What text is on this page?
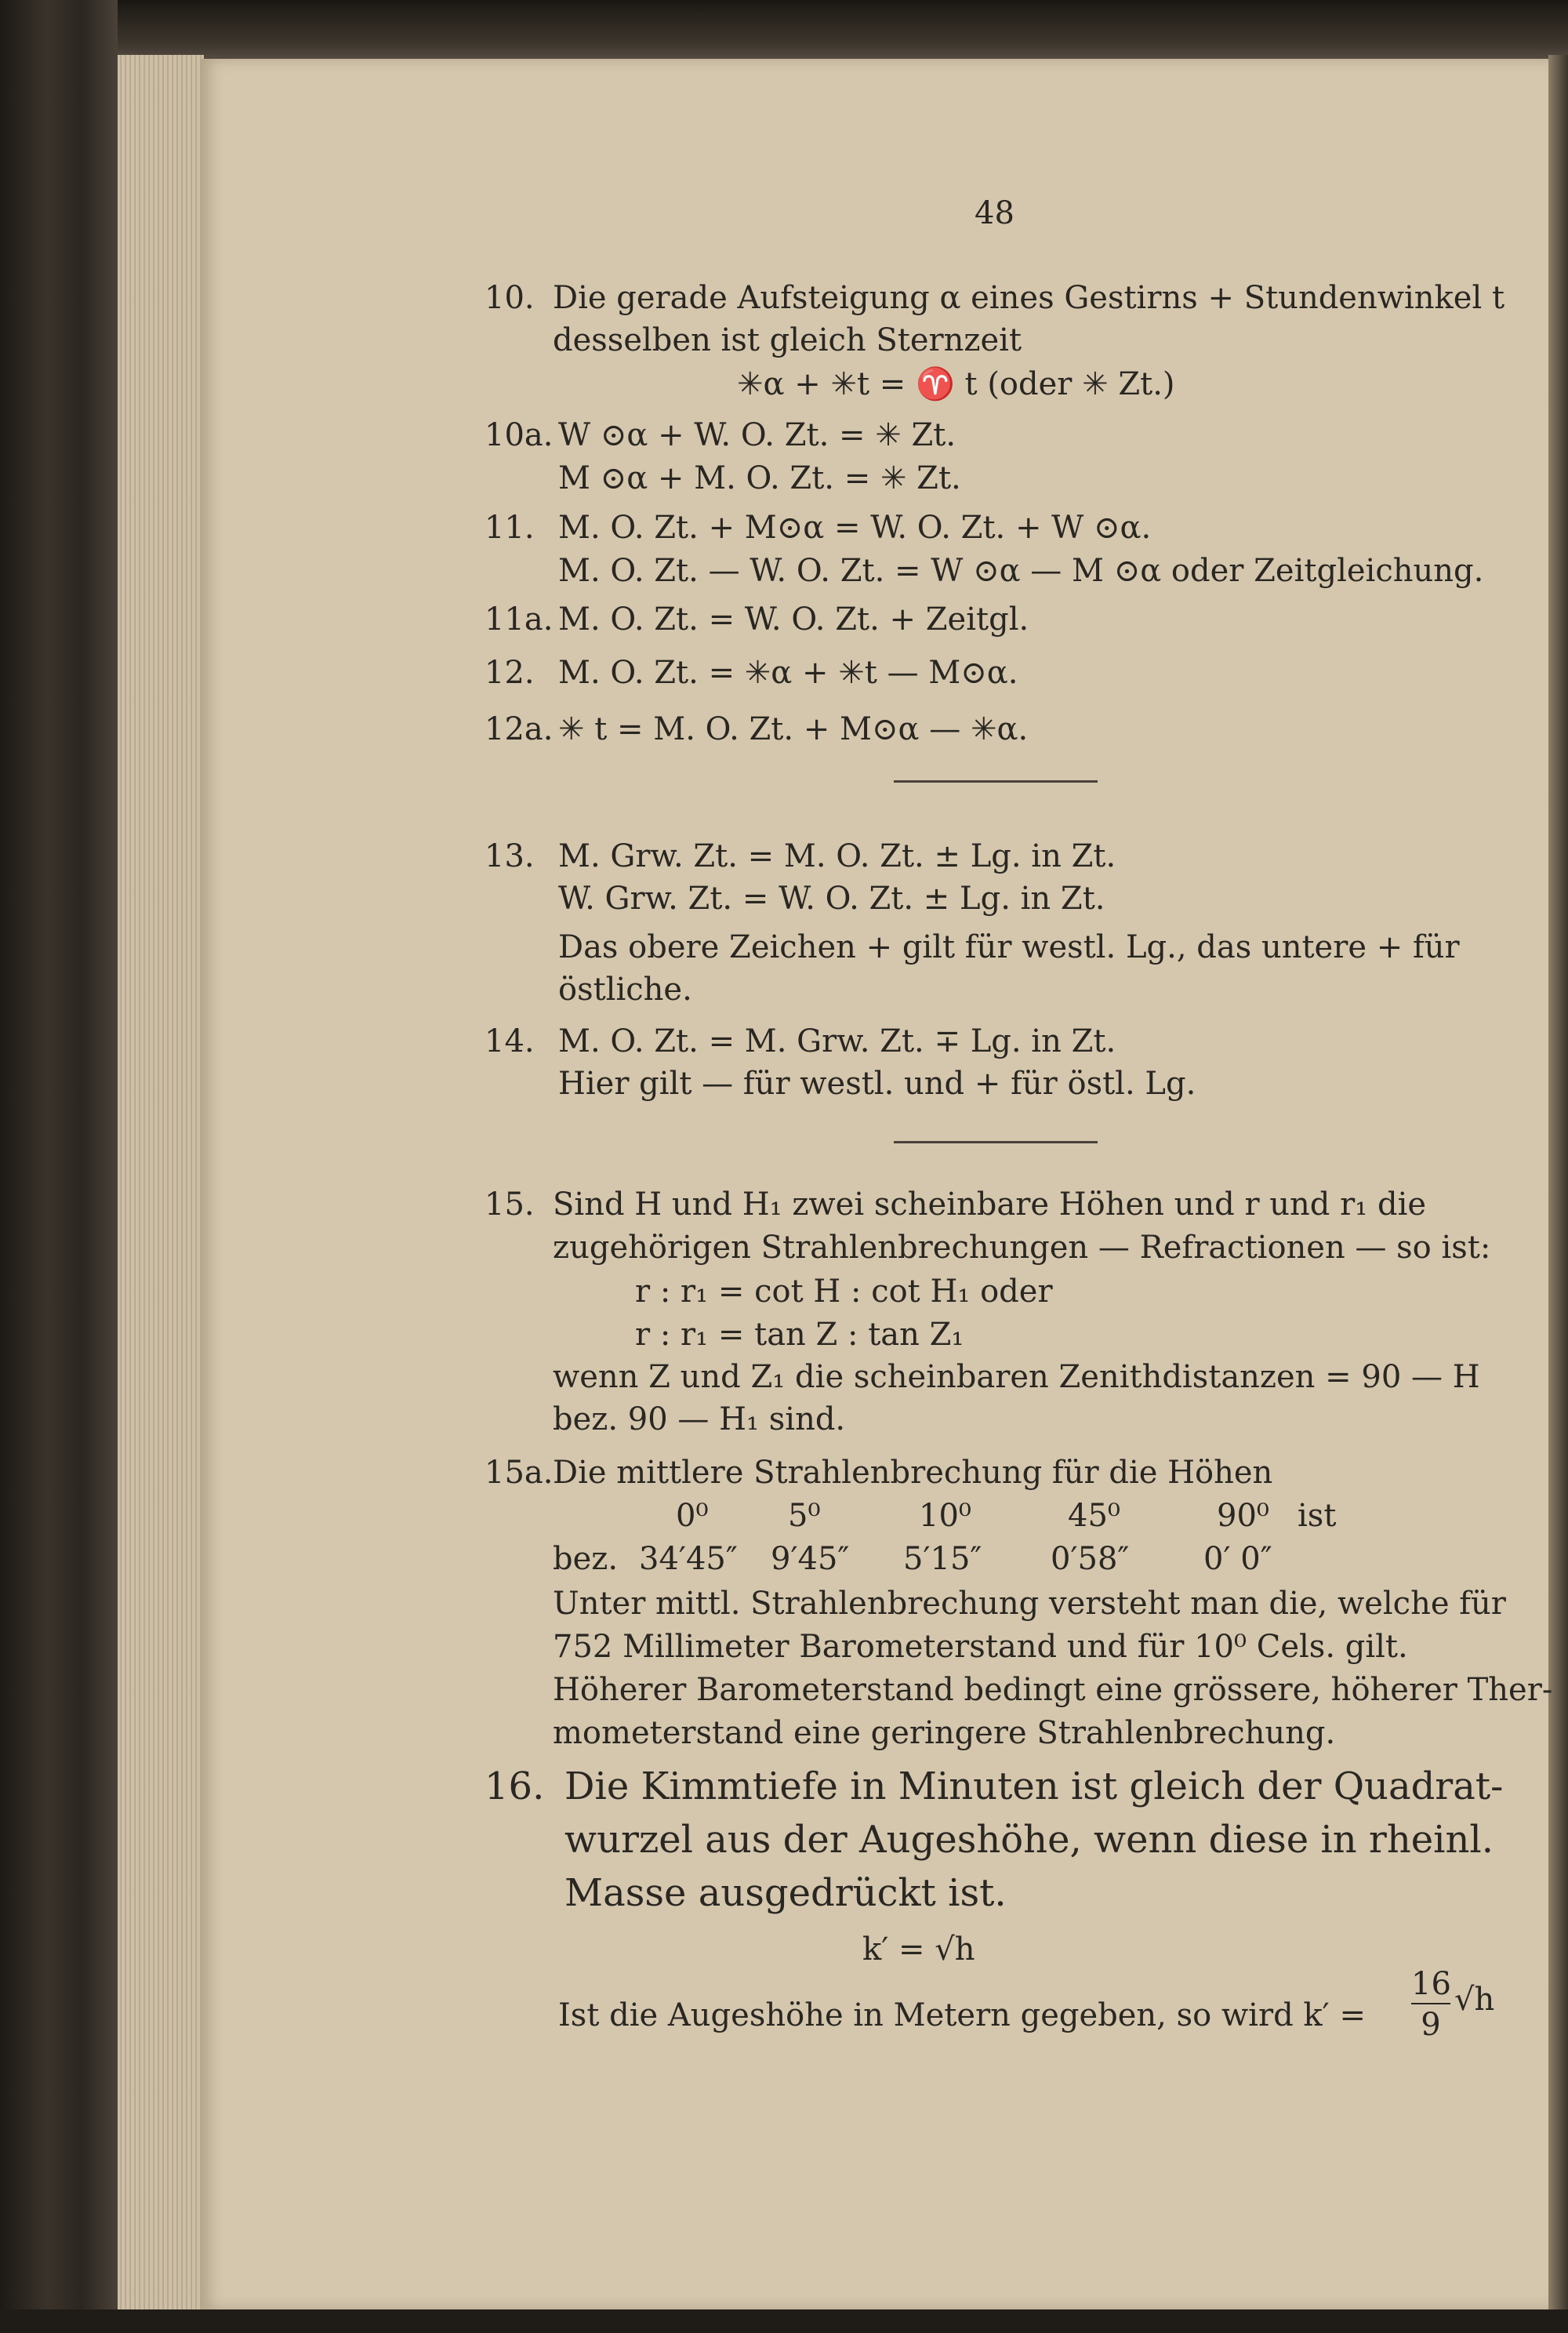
48
10. Die gerade Aufsteigung α eines Gestirns + Stundenwinkel t
desselben ist gleich Sternzeit
✳α + ✳t = ♈ t (oder ✳ Zt.)
10a. W ⊙α + W. O. Zt. = ✳ Zt.
M ⊙α + M. O. Zt. = ✳ Zt.
11. M. O. Zt. + M⊙α = W. O. Zt. + W ⊙α.
M. O. Zt. — W. O. Zt. = W ⊙α — M ⊙α oder Zeitgleichung.
11a. M. O. Zt. = W. O. Zt. + Zeitgl.
12. M. O. Zt. = ✳α + ✳t — M⊙α.
12a. ✳ t = M. O. Zt. + M⊙α — ✳α.
13. M. Grw. Zt. = M. O. Zt. ± Lg. in Zt.
W. Grw. Zt. = W. O. Zt. ± Lg. in Zt.
Das obere Zeichen + gilt für westl. Lg., das untere + für
östliche.
14. M. O. Zt. = M. Grw. Zt. ∓ Lg. in Zt.
Hier gilt — für westl. und + für östl. Lg.
15. Sind H und H₁ zwei scheinbare Höhen und r und r₁ die
zugehörigen Strahlenbrechungen — Refractionen — so ist:
r : r₁ = cot H : cot H₁ oder
r : r₁ = tan Z : tan Z₁
wenn Z und Z₁ die scheinbaren Zenithdistanzen = 90 — H
bez. 90 — H₁ sind.
15a. Die mittlere Strahlenbrechung für die Höhen
0⁰	5⁰	10⁰	45⁰	90⁰ ist
bez. 34′45″ 9′45″ 5′15″ 0′58″ 0′ 0″
Unter mittl. Strahlenbrechung versteht man die, welche für
752 Millimeter Barometerstand und für 10⁰ Cels. gilt.
Höherer Barometerstand bedingt eine grössere, höherer Ther-
mometerstand eine geringere Strahlenbrechung.
16. Die Kimmtiefe in Minuten ist gleich der Quadrat-
wurzel aus der Augeshöhe, wenn diese in rheinl.
Masse ausgedrückt ist.
k′ = √h
Ist die Augeshöhe in Metern gegeben, so wird k′ =
16
9
√h
